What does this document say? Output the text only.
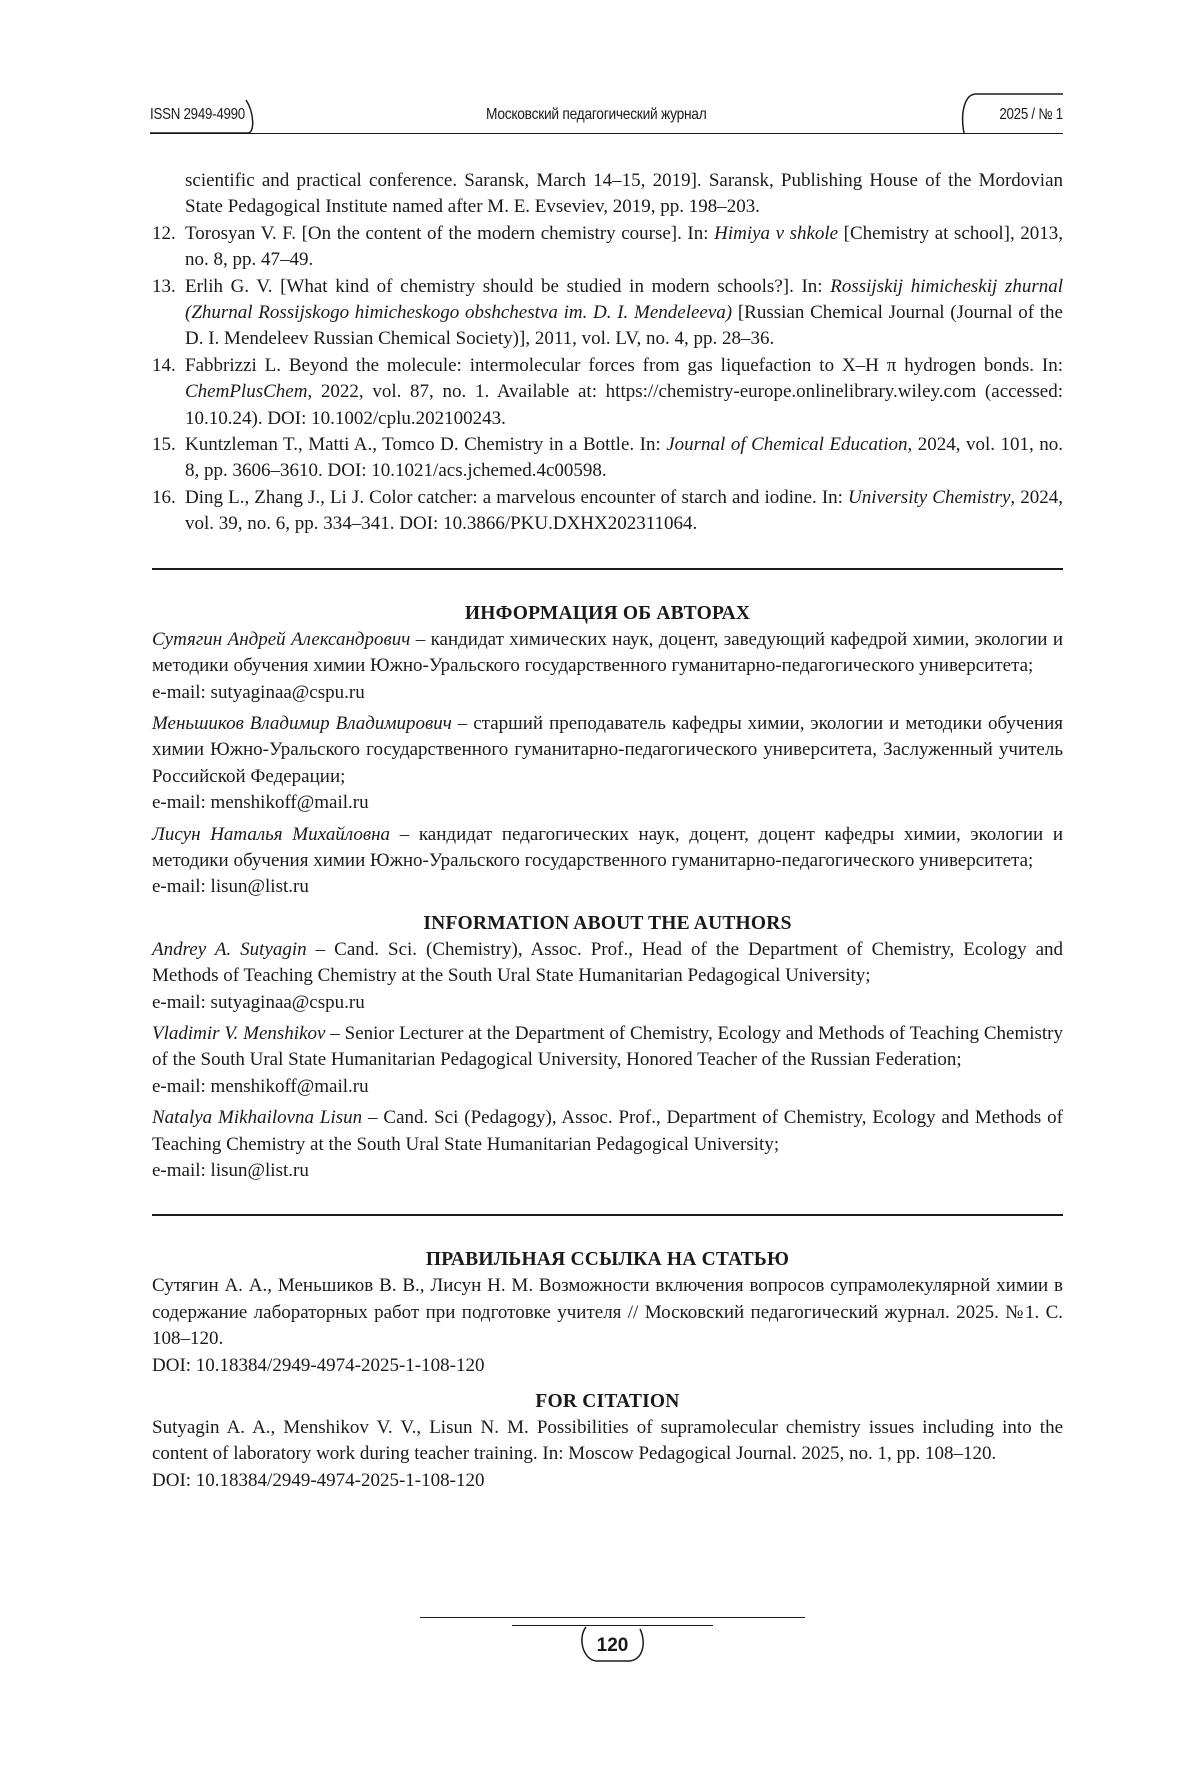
ISSN 2949-4990	Московский педагогический журнал	2025 / № 1
scientific and practical conference. Saransk, March 14–15, 2019]. Saransk, Publishing House of the Mordovian State Pedagogical Institute named after M. E. Evseviev, 2019, pp. 198–203.
12. Torosyan V. F. [On the content of the modern chemistry course]. In: Himiya v shkole [Chemistry at school], 2013, no. 8, pp. 47–49.
13. Erlih G. V. [What kind of chemistry should be studied in modern schools?]. In: Rossijskij himicheskij zhurnal (Zhurnal Rossijskogo himicheskogo obshchestva im. D. I. Mendeleeva) [Russian Chemical Journal (Journal of the D. I. Mendeleev Russian Chemical Society)], 2011, vol. LV, no. 4, pp. 28–36.
14. Fabbrizzi L. Beyond the molecule: intermolecular forces from gas liquefaction to X–H π hydrogen bonds. In: ChemPlusChem, 2022, vol. 87, no. 1. Available at: https://chemistry-europe.onlinelibrary.wiley.com (accessed: 10.10.24). DOI: 10.1002/cplu.202100243.
15. Kuntzleman T., Matti A., Tomco D. Chemistry in a Bottle. In: Journal of Chemical Education, 2024, vol. 101, no. 8, pp. 3606–3610. DOI: 10.1021/acs.jchemed.4c00598.
16. Ding L., Zhang J., Li J. Color catcher: a marvelous encounter of starch and iodine. In: University Chemistry, 2024, vol. 39, no. 6, pp. 334–341. DOI: 10.3866/PKU.DXHX202311064.
ИНФОРМАЦИЯ ОБ АВТОРАХ

Сутягин Андрей Александрович – кандидат химических наук, доцент, заведующий кафедрой химии, экологии и методики обучения химии Южно-Уральского государственного гуманитарно-педагогического университета;

e-mail: sutyaginaa@cspu.ru

Меньшиков Владимир Владимирович – старший преподаватель кафедры химии, экологии и методики обучения химии Южно-Уральского государственного гуманитарно-педагогического университета, Заслуженный учитель Российской Федерации;

e-mail: menshikoff@mail.ru

Лисун Наталья Михайловна – кандидат педагогических наук, доцент, доцент кафедры химии, экологии и методики обучения химии Южно-Уральского государственного гуманитарно-педагогического университета;

e-mail: lisun@list.ru

INFORMATION ABOUT THE AUTHORS

Andrey A. Sutyagin – Cand. Sci. (Chemistry), Assoc. Prof., Head of the Department of Chemistry, Ecology and Methods of Teaching Chemistry at the South Ural State Humanitarian Pedagogical University;

e-mail: sutyaginaa@cspu.ru

Vladimir V. Menshikov – Senior Lecturer at the Department of Chemistry, Ecology and Methods of Teaching Chemistry of the South Ural State Humanitarian Pedagogical University, Honored Teacher of the Russian Federation;

e-mail: menshikoff@mail.ru

Natalya Mikhailovna Lisun – Cand. Sci (Pedagogy), Assoc. Prof., Department of Chemistry, Ecology and Methods of Teaching Chemistry at the South Ural State Humanitarian Pedagogical University;

e-mail: lisun@list.ru

ПРАВИЛЬНАЯ ССЫЛКА НА СТАТЬЮ

Сутягин А. А., Меньшиков В. В., Лисун Н. М. Возможности включения вопросов супрамолекулярной химии в содержание лабораторных работ при подготовке учителя // Московский педагогический журнал. 2025. №1. С. 108–120.

DOI: 10.18384/2949-4974-2025-1-108-120

FOR CITATION

Sutyagin A. A., Menshikov V. V., Lisun N. M. Possibilities of supramolecular chemistry issues including into the content of laboratory work during teacher training. In: Moscow Pedagogical Journal. 2025, no. 1, pp. 108–120.

DOI: 10.18384/2949-4974-2025-1-108-120

120
